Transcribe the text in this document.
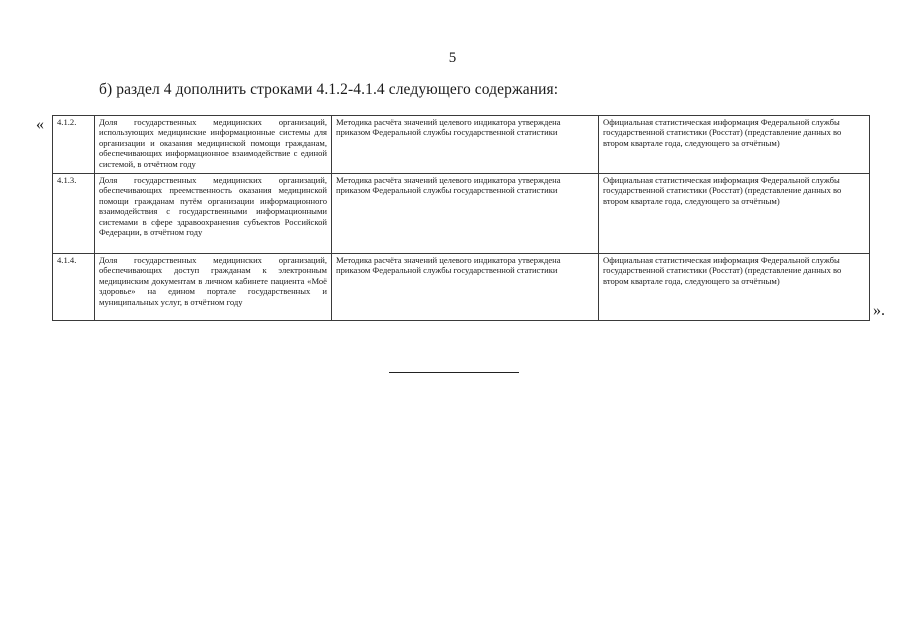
5
б) раздел 4 дополнить строками 4.1.2-4.1.4 следующего содержания:
« 4.1.2.	Доля государственных медицинских организаций, использующих медицинские информационные системы для организации и оказания медицинской помощи гражданам, обеспечивающих информационное взаимодействие с единой системой, в отчётном году	Методика расчёта значений целевого индикатора утверждена приказом Федеральной службы государственной статистики	Официальная статистическая информация Федеральной службы государственной статистики (Росстат) (представление данных во втором квартале года, следующего за отчётным)
4.1.3.	Доля государственных медицинских организаций, обеспечивающих преемственность оказания медицинской помощи гражданам путём организации информационного взаимодействия с государственными информационными системами в сфере здравоохранения субъектов Российской Федерации, в отчётном году	Методика расчёта значений целевого индикатора утверждена приказом Федеральной службы государственной статистики	Официальная статистическая информация Федеральной службы государственной статистики (Росстат) (представление данных во втором квартале года, следующего за отчётным)
4.1.4.	Доля государственных медицинских организаций, обеспечивающих доступ гражданам к электронным медицинским документам в личном кабинете пациента «Моё здоровье» на едином портале государственных и муниципальных услуг, в отчётном году	Методика расчёта значений целевого индикатора утверждена приказом Федеральной службы государственной статистики	Официальная статистическая информация Федеральной службы государственной статистики (Росстат) (представление данных во втором квартале года, следующего за отчётным)
».
